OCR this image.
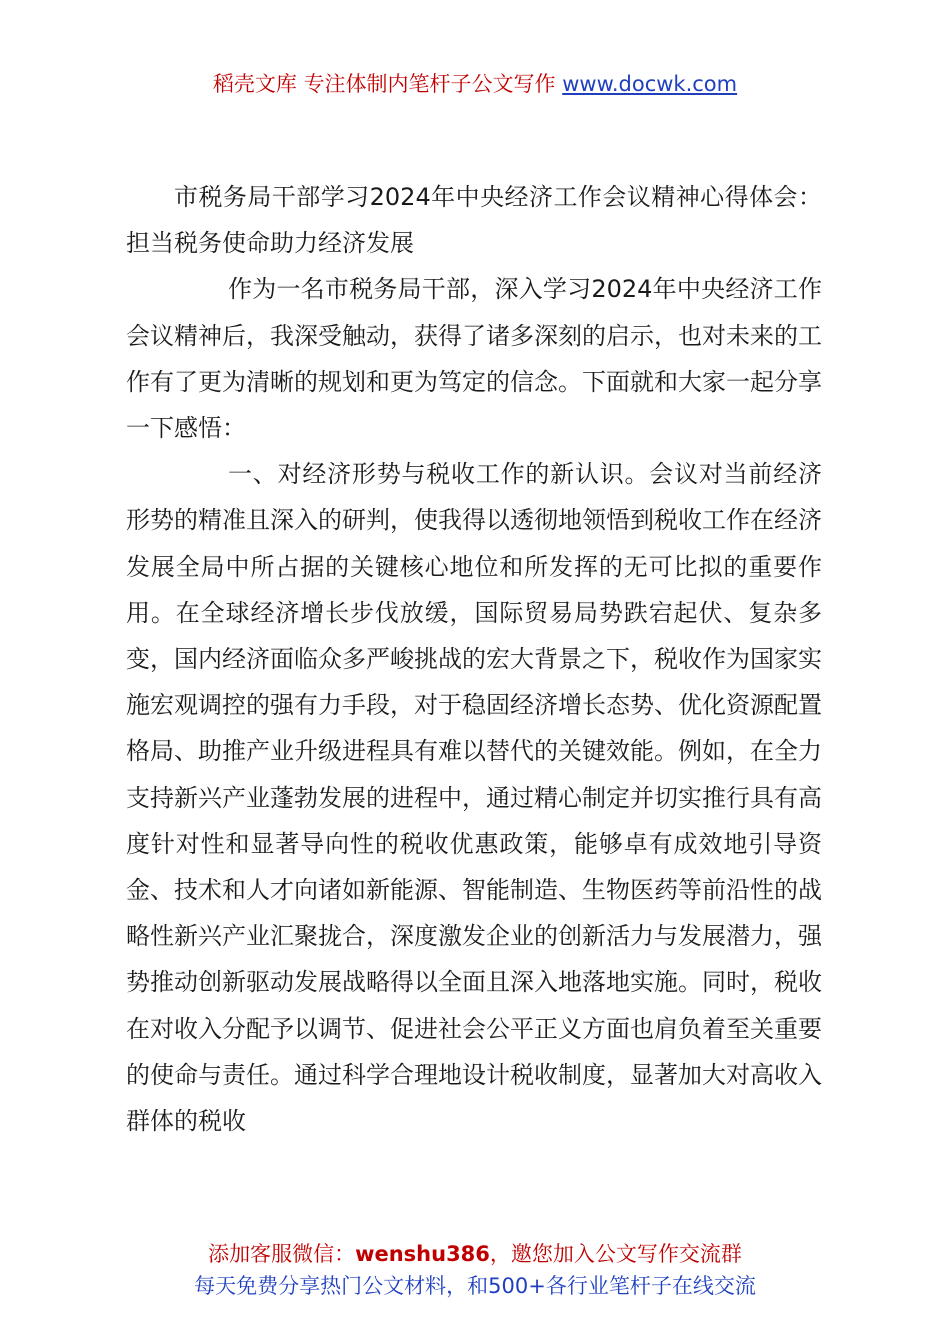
稻壳文库 专注体制内笔杆子公文写作 www.docwk.com

市税务局干部学习2024年中央经济工作会议精神心得体会：担当税务使命助力经济发展

作为一名市税务局干部，深入学习2024年中央经济工作会议精神后，我深受触动，获得了诸多深刻的启示，也对未来的工作有了更为清晰的规划和更为笃定的信念。下面就和大家一起分享一下感悟：

一、对经济形势与税收工作的新认识。会议对当前经济形势的精准且深入的研判，使我得以透彻地领悟到税收工作在经济发展全局中所占据的关键核心地位和所发挥的无可比拟的重要作用。在全球经济增长步伐放缓，国际贸易局势跌宕起伏、复杂多变，国内经济面临众多严峻挑战的宏大背景之下，税收作为国家实施宏观调控的强有力手段，对于稳固经济增长态势、优化资源配置格局、助推产业升级进程具有难以替代的关键效能。例如，在全力支持新兴产业蓬勃发展的进程中，通过精心制定并切实推行具有高度针对性和显著导向性的税收优惠政策，能够卓有成效地引导资金、技术和人才向诸如新能源、智能制造、生物医药等前沿性的战略性新兴产业汇聚拢合，深度激发企业的创新活力与发展潜力，强势推动创新驱动发展战略得以全面且深入地落地实施。同时，税收在对收入分配予以调节、促进社会公平正义方面也肩负着至关重要的使命与责任。通过科学合理地设计税收制度，显著加大对高收入群体的税收

添加客服微信：wenshu386，邀您加入公文写作交流群
每天免费分享热门公文材料，和500+各行业笔杆子在线交流
